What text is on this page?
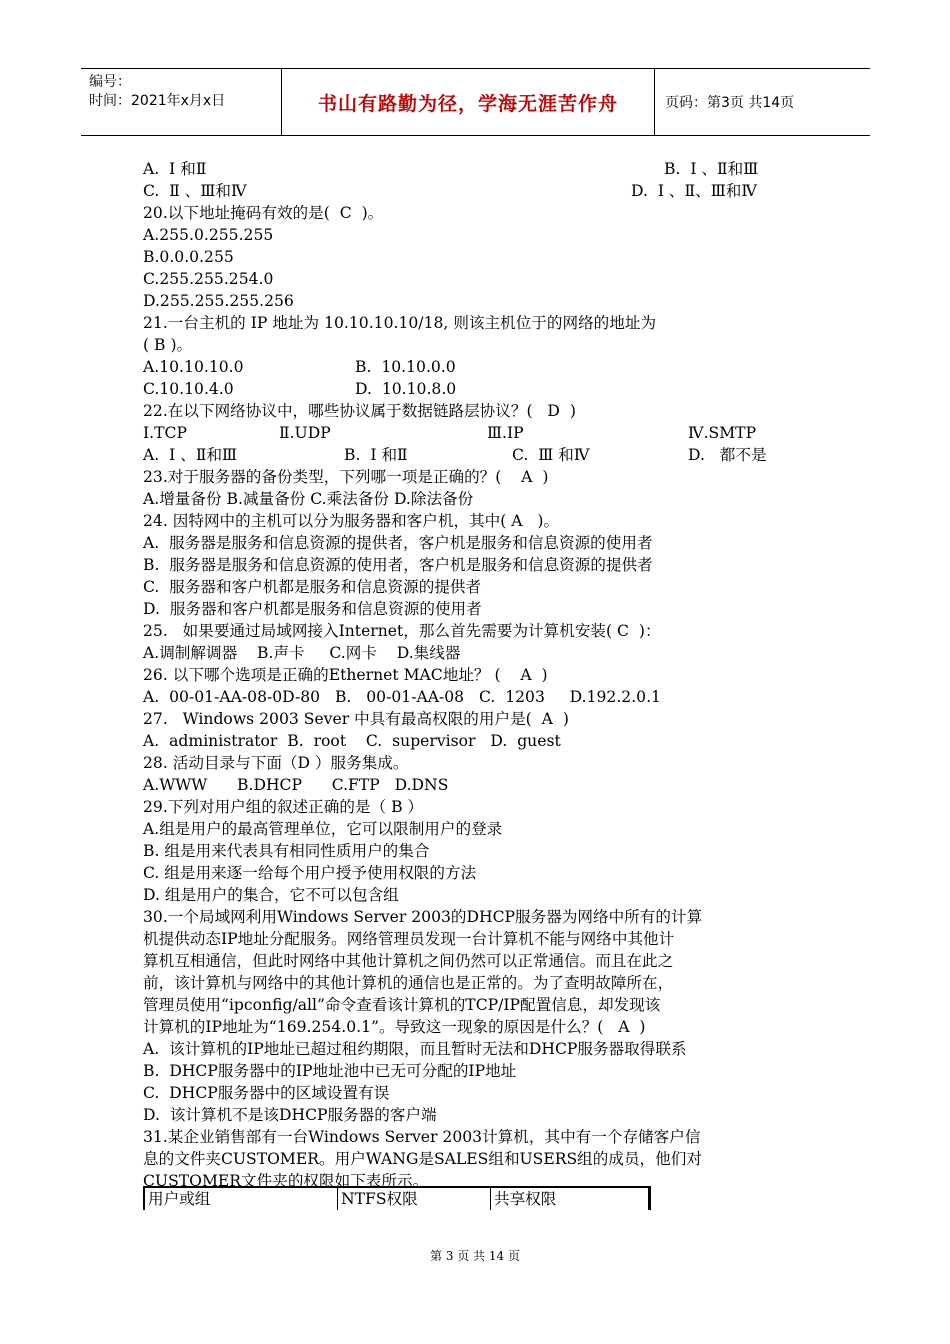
编号：
时间：2021年x月x日	书山有路勤为径，学海无涯苦作舟	页码：第3页 共14页

A.  Ⅰ 和Ⅱ

	B.  Ⅰ 、Ⅱ和Ⅲ

C.  Ⅱ 、Ⅲ和Ⅳ

	D.  Ⅰ 、Ⅱ、Ⅲ和Ⅳ

20.以下地址掩码有效的是(  C  )。
A.255.0.255.255
B.0.0.0.255
C.255.255.254.0
D.255.255.255.256
21.一台主机的 IP 地址为 10.10.10.10/18, 则该主机位于的网络的地址为
( B )。

A.10.10.10.0

	B.  10.10.0.0

C.10.10.4.0

	D.  10.10.8.0

22.在以下网络协议中，哪些协议属于数据链路层协议？(   D  )

Ⅰ.TCP

	Ⅱ.UDP

	Ⅲ.IP

	Ⅳ.SMTP

A.  Ⅰ 、Ⅱ和Ⅲ

	B.  Ⅰ 和Ⅱ

	C.  Ⅲ 和Ⅳ

	D.   都不是

23.对于服务器的备份类型，下列哪一项是正确的？(    A  )
A.增量备份 B.减量备份 C.乘法备份 D.除法备份
24. 因特网中的主机可以分为服务器和客户机，其中( A   )。
A.  服务器是服务和信息资源的提供者，客户机是服务和信息资源的使用者
B.  服务器是服务和信息资源的使用者，客户机是服务和信息资源的提供者
C.  服务器和客户机都是服务和信息资源的提供者
D.  服务器和客户机都是服务和信息资源的使用者
25.   如果要通过局域网接入Internet，那么首先需要为计算机安装( C  )：
A.调制解调器    B.声卡     C.网卡    D.集线器
26. 以下哪个选项是正确的Ethernet MAC地址？ (    A  )
A.  00-01-AA-08-0D-80   B.   00-01-AA-08   C.  1203     D.192.2.0.1
27.   Windows 2003 Sever 中具有最高权限的用户是(  A  )
A.  administrator  B.  root    C.  supervisor   D.  guest
28. 活动目录与下面（D ）服务集成。
A.WWW      B.DHCP      C.FTP   D.DNS
29.下列对用户组的叙述正确的是（ B ）
A.组是用户的最高管理单位，它可以限制用户的登录
B. 组是用来代表具有相同性质用户的集合
C. 组是用来逐一给每个用户授予使用权限的方法
D. 组是用户的集合，它不可以包含组
30.一个局域网利用Windows Server 2003的DHCP服务器为网络中所有的计算
机提供动态IP地址分配服务。网络管理员发现一台计算机不能与网络中其他计
算机互相通信，但此时网络中其他计算机之间仍然可以正常通信。而且在此之
前，该计算机与网络中的其他计算机的通信也是正常的。为了查明故障所在，
管理员使用“ipconfig/all”命令查看该计算机的TCP/IP配置信息，却发现该
计算机的IP地址为“169.254.0.1”。导致这一现象的原因是什么？(   A  )
A.  该计算机的IP地址已超过租约期限，而且暂时无法和DHCP服务器取得联系
B.  DHCP服务器中的IP地址池中已无可分配的IP地址
C.  DHCP服务器中的区域设置有误
D.  该计算机不是该DHCP服务器的客户端
31.某企业销售部有一台Windows Server 2003计算机，其中有一个存储客户信
息的文件夹CUSTOMER。用户WANG是SALES组和USERS组的成员，他们对
CUSTOMER文件夹的权限如下表所示。
用户或组	NTFS权限	共享权限
第 3 页 共 14 页
